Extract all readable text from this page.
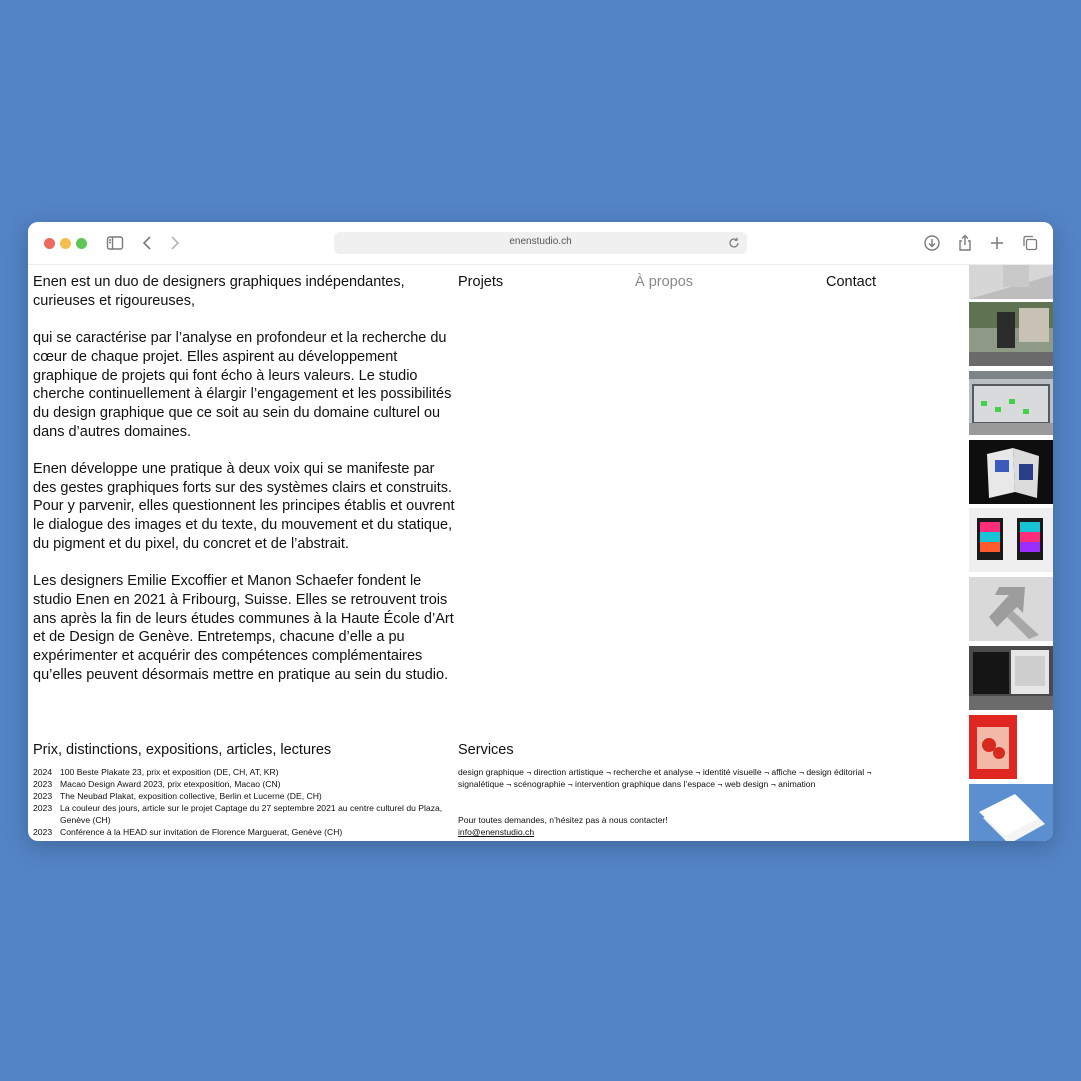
enenstudio.ch

Enen est un duo de designers graphiques indépendantes, curieuses et rigoureuses,

qui se caractérise par l’analyse en profondeur et la recherche du cœur de chaque projet. Elles aspirent au développement graphique de projets qui font écho à leurs valeurs. Le studio cherche continuellement à élargir l’engagement et les possibilités du design graphique que ce soit au sein du domaine culturel ou dans d’autres domaines.

Enen développe une pratique à deux voix qui se manifeste par des gestes graphiques forts sur des systèmes clairs et construits. Pour y parvenir, elles questionnent les principes établis et ouvrent le dialogue des images et du texte, du mouvement et du statique, du pigment et du pixel, du concret et de l’abstrait.

Les designers Emilie Excoffier et Manon Schaefer fondent le studio Enen en 2021 à Fribourg, Suisse. Elles se retrouvent trois ans après la fin de leurs études communes à la Haute École d’Art et de Design de Genève. Entretemps, chacune d’elle a pu expérimenter et acquérir des compétences complémentaires qu’elles peuvent désormais mettre en pratique au sein du studio.

Projets	À propos	Contact
Prix, distinctions, expositions, articles, lectures
2024 100 Beste Plakate 23, prix et exposition (DE, CH, AT, KR)
2023 Macao Design Award 2023, prix etexposition, Macao (CN)
2023 The Neubad Plakat, exposition collective, Berlin et Lucerne (DE, CH)
2023 La couleur des jours, article sur le projet Captage du 27 septembre 2021 au centre culturel du Plaza, Genève (CH)
2023 Conférence à la HEAD sur invitation de Florence Marguerat, Genève (CH)
Services
design graphique ¬ direction artistique ¬ recherche et analyse ¬ identité visuelle ¬ affiche ¬ design éditorial ¬ signalétique ¬ scénographie ¬ intervention graphique dans l’espace ¬ web design ¬ animation
Pour toutes demandes, n’hésitez pas à nous contacter!
info@enenstudio.ch
